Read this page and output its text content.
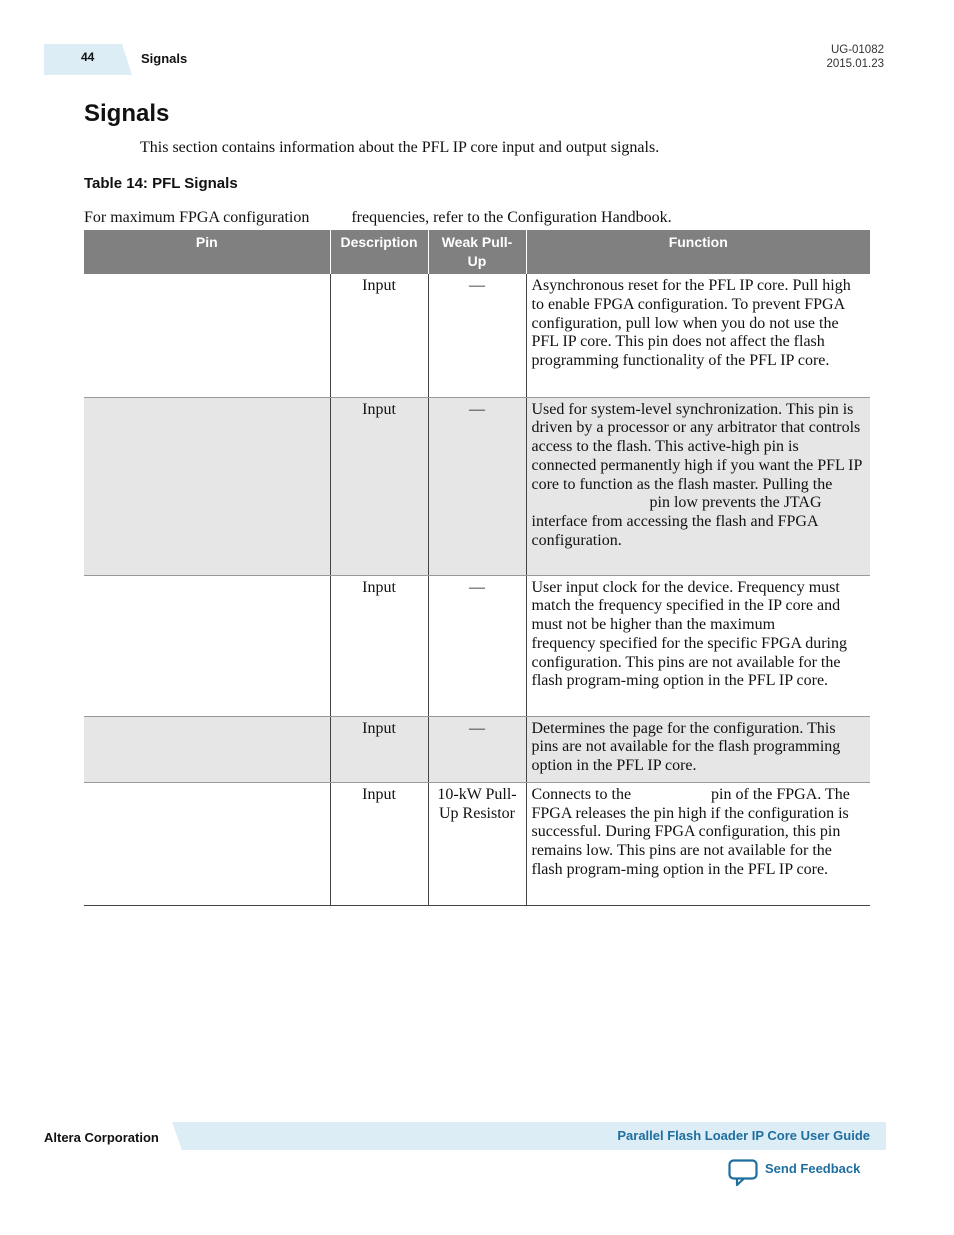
44	Signals
UG-01082
2015.01.23
Signals
This section contains information about the PFL IP core input and output signals.
Table 14: PFL Signals
For maximum FPGA configuration	frequencies, refer to the Configuration Handbook.
Pin	Description	Weak Pull-Up	Function
	Input	—	Asynchronous reset for the PFL IP core. Pull high to enable FPGA configuration. To prevent FPGA configuration, pull low when you do not use the PFL IP core. This pin does not affect the flash programming functionality of the PFL IP core.
	Input	—	Used for system-level synchronization. This pin is driven by a processor or any arbitrator that controls access to the flash. This active-high pin is connected permanently high if you want the PFL IP core to function as the flash master. Pulling thepin low prevents the JTAG interface from accessing the flash and FPGA configuration.
	Input	—	User input clock for the device. Frequency must match the frequency specified in the IP core and must not be higher than the maximumfrequency specified for the specific FPGA during configuration. This pins are not available for the flash program-ming option in the PFL IP core.
	Input	—	Determines the page for the configuration. This pins are not available for the flash programming option in the PFL IP core.
	Input	10-kW Pull-Up Resistor	Connects to the pin of the FPGA. The FPGA releases the pin high if the configuration is successful. During FPGA configuration, this pin remains low. This pins are not available for the flash program-ming option in the PFL IP core.
Altera Corporation	Parallel Flash Loader IP Core User Guide
Send Feedback
